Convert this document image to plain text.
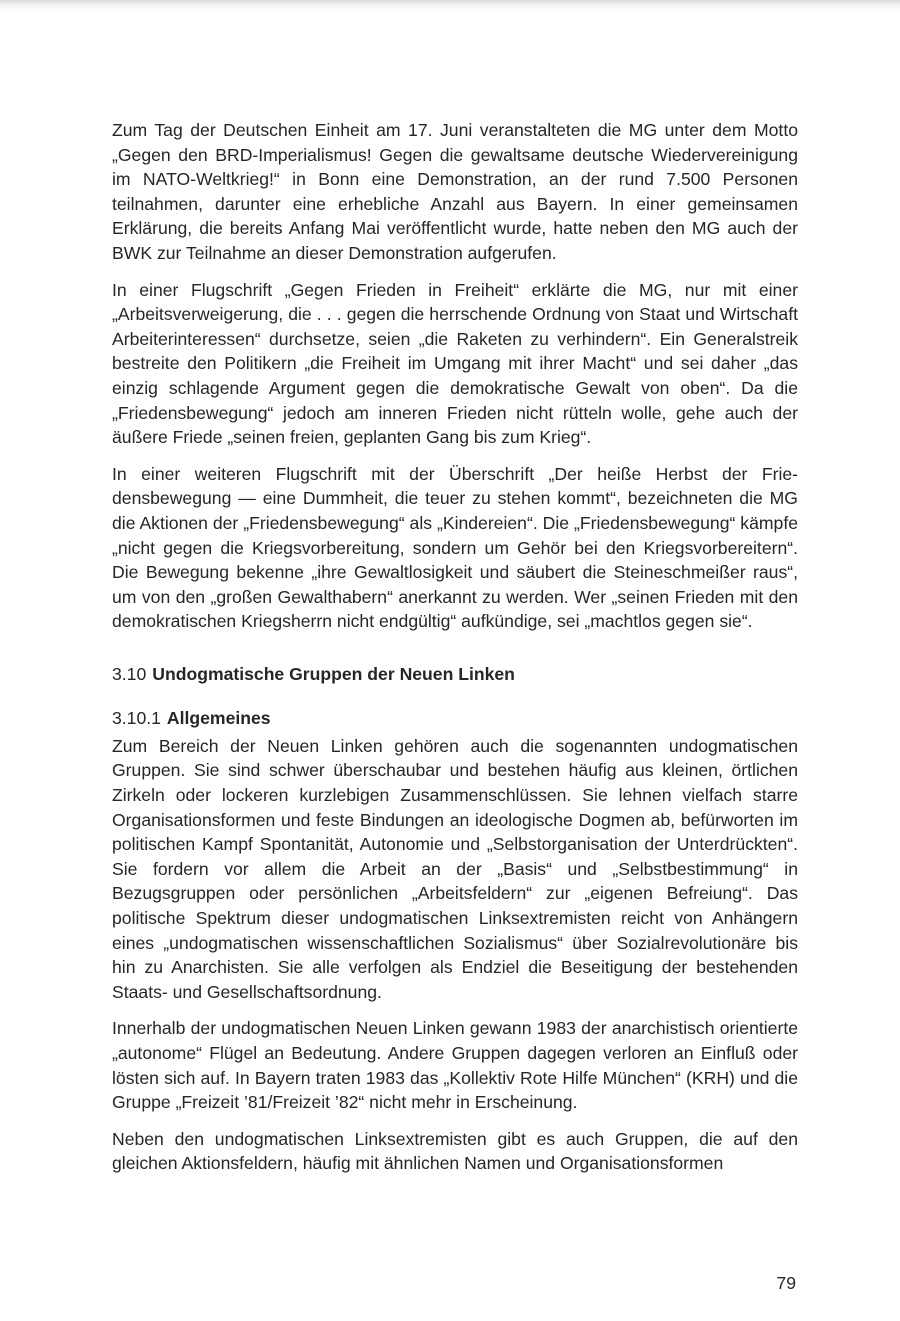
Zum Tag der Deutschen Einheit am 17. Juni veranstalteten die MG unter dem Motto „Gegen den BRD-Imperialismus! Gegen die gewaltsame deutsche Wiedervereinigung im NATO-Weltkrieg!“ in Bonn eine Demonstration, an der rund 7.500 Personen teilnahmen, darunter eine erhebliche Anzahl aus Bayern. In einer gemeinsamen Erklärung, die bereits Anfang Mai veröffentlicht wurde, hatte neben den MG auch der BWK zur Teilnahme an dieser Demonstration aufgerufen.

In einer Flugschrift „Gegen Frieden in Freiheit“ erklärte die MG, nur mit einer „Arbeitsverweigerung, die . . . gegen die herrschende Ordnung von Staat und Wirtschaft Arbeiterinteressen“ durchsetze, seien „die Raketen zu verhindern“. Ein Generalstreik bestreite den Politikern „die Freiheit im Umgang mit ihrer Macht“ und sei daher „das einzig schlagende Argument gegen die demokratische Gewalt von oben“. Da die „Friedensbewegung“ jedoch am inneren Frieden nicht rütteln wolle, gehe auch der äußere Friede „seinen freien, geplanten Gang bis zum Krieg“.

In einer weiteren Flugschrift mit der Überschrift „Der heiße Herbst der Friedensbewegung — eine Dummheit, die teuer zu stehen kommt“, bezeichneten die MG die Aktionen der „Friedensbewegung“ als „Kindereien“. Die „Friedensbewegung“ kämpfe „nicht gegen die Kriegsvorbereitung, sondern um Gehör bei den Kriegsvorbereitern“. Die Bewegung bekenne „ihre Gewaltlosigkeit und säubert die Steineschmeißer raus“, um von den „großen Gewalthabern“ anerkannt zu werden. Wer „seinen Frieden mit den demokratischen Kriegsherrn nicht endgültig“ aufkündige, sei „machtlos gegen sie“.

3.10 Undogmatische Gruppen der Neuen Linken
3.10.1 Allgemeines

Zum Bereich der Neuen Linken gehören auch die sogenannten undogmatischen Gruppen. Sie sind schwer überschaubar und bestehen häufig aus kleinen, örtlichen Zirkeln oder lockeren kurzlebigen Zusammenschlüssen. Sie lehnen vielfach starre Organisationsformen und feste Bindungen an ideologische Dogmen ab, befürworten im politischen Kampf Spontanität, Autonomie und „Selbstorganisation der Unterdrückten“. Sie fordern vor allem die Arbeit an der „Basis“ und „Selbstbestimmung“ in Bezugsgruppen oder persönlichen „Arbeitsfeldern“ zur „eigenen Befreiung“. Das politische Spektrum dieser undogmatischen Linksextremisten reicht von Anhängern eines „undogmatischen wissenschaftlichen Sozialismus“ über Sozialrevolutionäre bis hin zu Anarchisten. Sie alle verfolgen als Endziel die Beseitigung der bestehenden Staats- und Gesellschaftsordnung.

Innerhalb der undogmatischen Neuen Linken gewann 1983 der anarchistisch orientierte „autonome“ Flügel an Bedeutung. Andere Gruppen dagegen verloren an Einfluß oder lösten sich auf. In Bayern traten 1983 das „Kollektiv Rote Hilfe München“ (KRH) und die Gruppe „Freizeit ’81/Freizeit ’82“ nicht mehr in Erscheinung.

Neben den undogmatischen Linksextremisten gibt es auch Gruppen, die auf den gleichen Aktionsfeldern, häufig mit ähnlichen Namen und Organisationsformen

79
